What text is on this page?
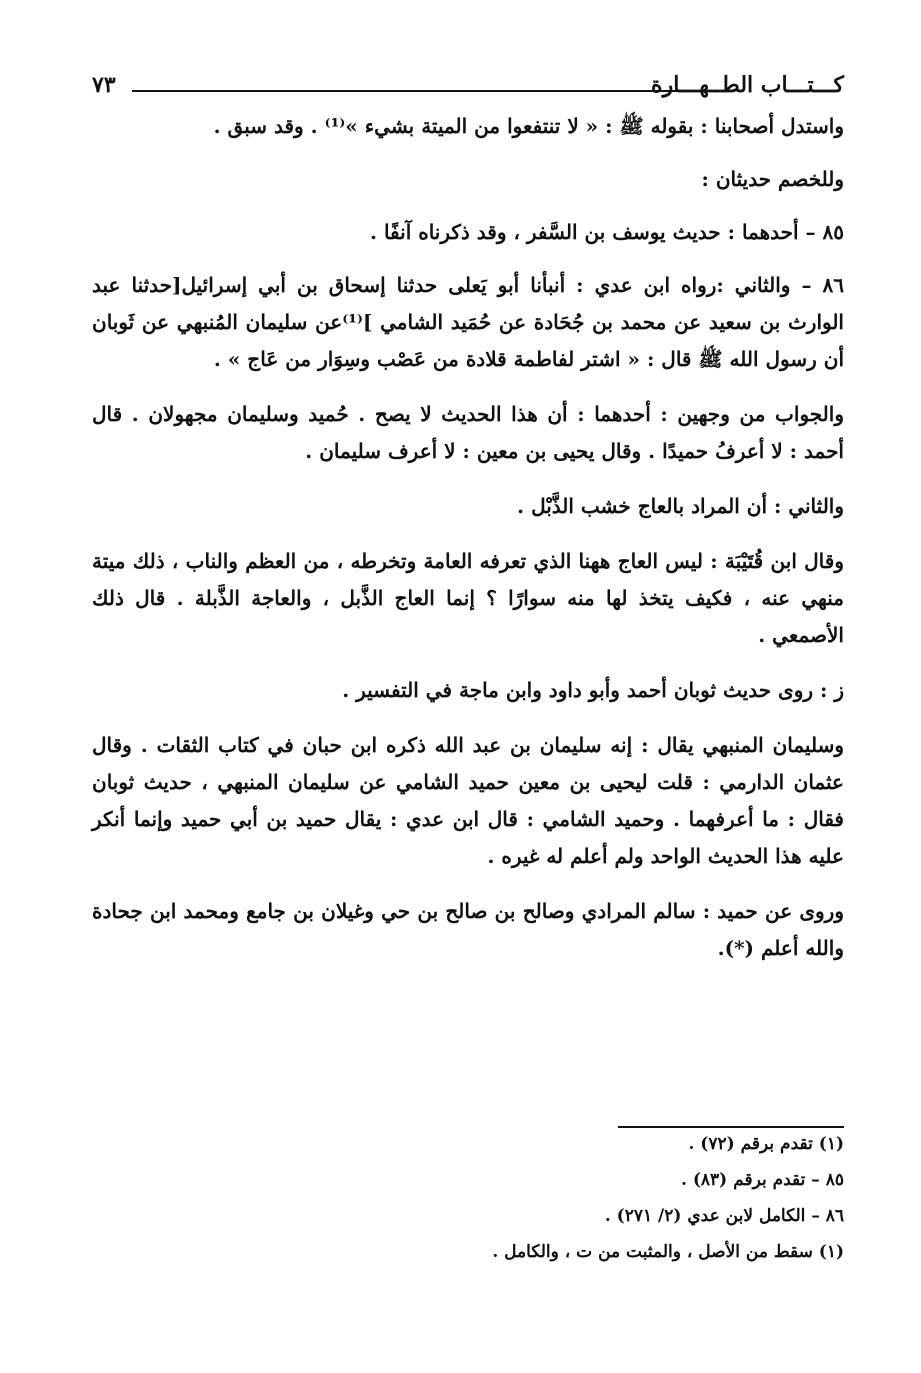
٧٣	كـــتـــاب الطــهـــارة

واستدل أصحابنا : بقوله ﷺ : « لا تنتفعوا من الميتة بشيء »⁽¹⁾ . وقد سبق .

وللخصم حديثان :

٨٥ – أحدهما : حديث يوسف بن السَّفر ، وقد ذكرناه آنفًا .

٨٦ – والثاني :رواه ابن عدي : أنبأنا أبو يَعلى حدثنا إسحاق بن أبي إسرائيل[حدثنا عبد الوارث بن سعيد عن محمد بن جُحَادة عن حُمَيد الشامي ]⁽¹⁾عن سليمان المُنبهي عن ثَوبان أن رسول الله ﷺ قال : « اشتر لفاطمة قلادة من عَصْب وسِوَار من عَاج » .

والجواب من وجهين : أحدهما : أن هذا الحديث لا يصح . حُميد وسليمان مجهولان . قال أحمد : لا أعرفُ حميدًا . وقال يحيى بن معين : لا أعرف سليمان .

والثاني : أن المراد بالعاج خشب الذَّبْل .

وقال ابن قُتَيْبَة : ليس العاج ههنا الذي تعرفه العامة وتخرطه ، من العظم والناب ، ذلك ميتة منهي عنه ، فكيف يتخذ لها منه سوارًا ؟ إنما العاج الذَّبل ، والعاجة الذَّبلة . قال ذلك الأصمعي .

ز : روى حديث ثوبان أحمد وأبو داود وابن ماجة في التفسير .

وسليمان المنبهي يقال : إنه سليمان بن عبد الله ذكره ابن حبان في كتاب الثقات . وقال عثمان الدارمي : قلت ليحيى بن معين حميد الشامي عن سليمان المنبهي ، حديث ثوبان فقال : ما أعرفهما . وحميد الشامي : قال ابن عدي : يقال حميد بن أبي حميد وإنما أنكر عليه هذا الحديث الواحد ولم أعلم له غيره .

وروى عن حميد : سالم المرادي وصالح بن صالح بن حي وغيلان بن جامع ومحمد ابن جحادة والله أعلم (*).

(١) تقدم برقم (٧٢) .

٨٥ – تقدم برقم (٨٣) .

٨٦ – الكامل لابن عدي (٢/ ٢٧١) .

(١) سقط من الأصل ، والمثبت من ت ، والكامل .
